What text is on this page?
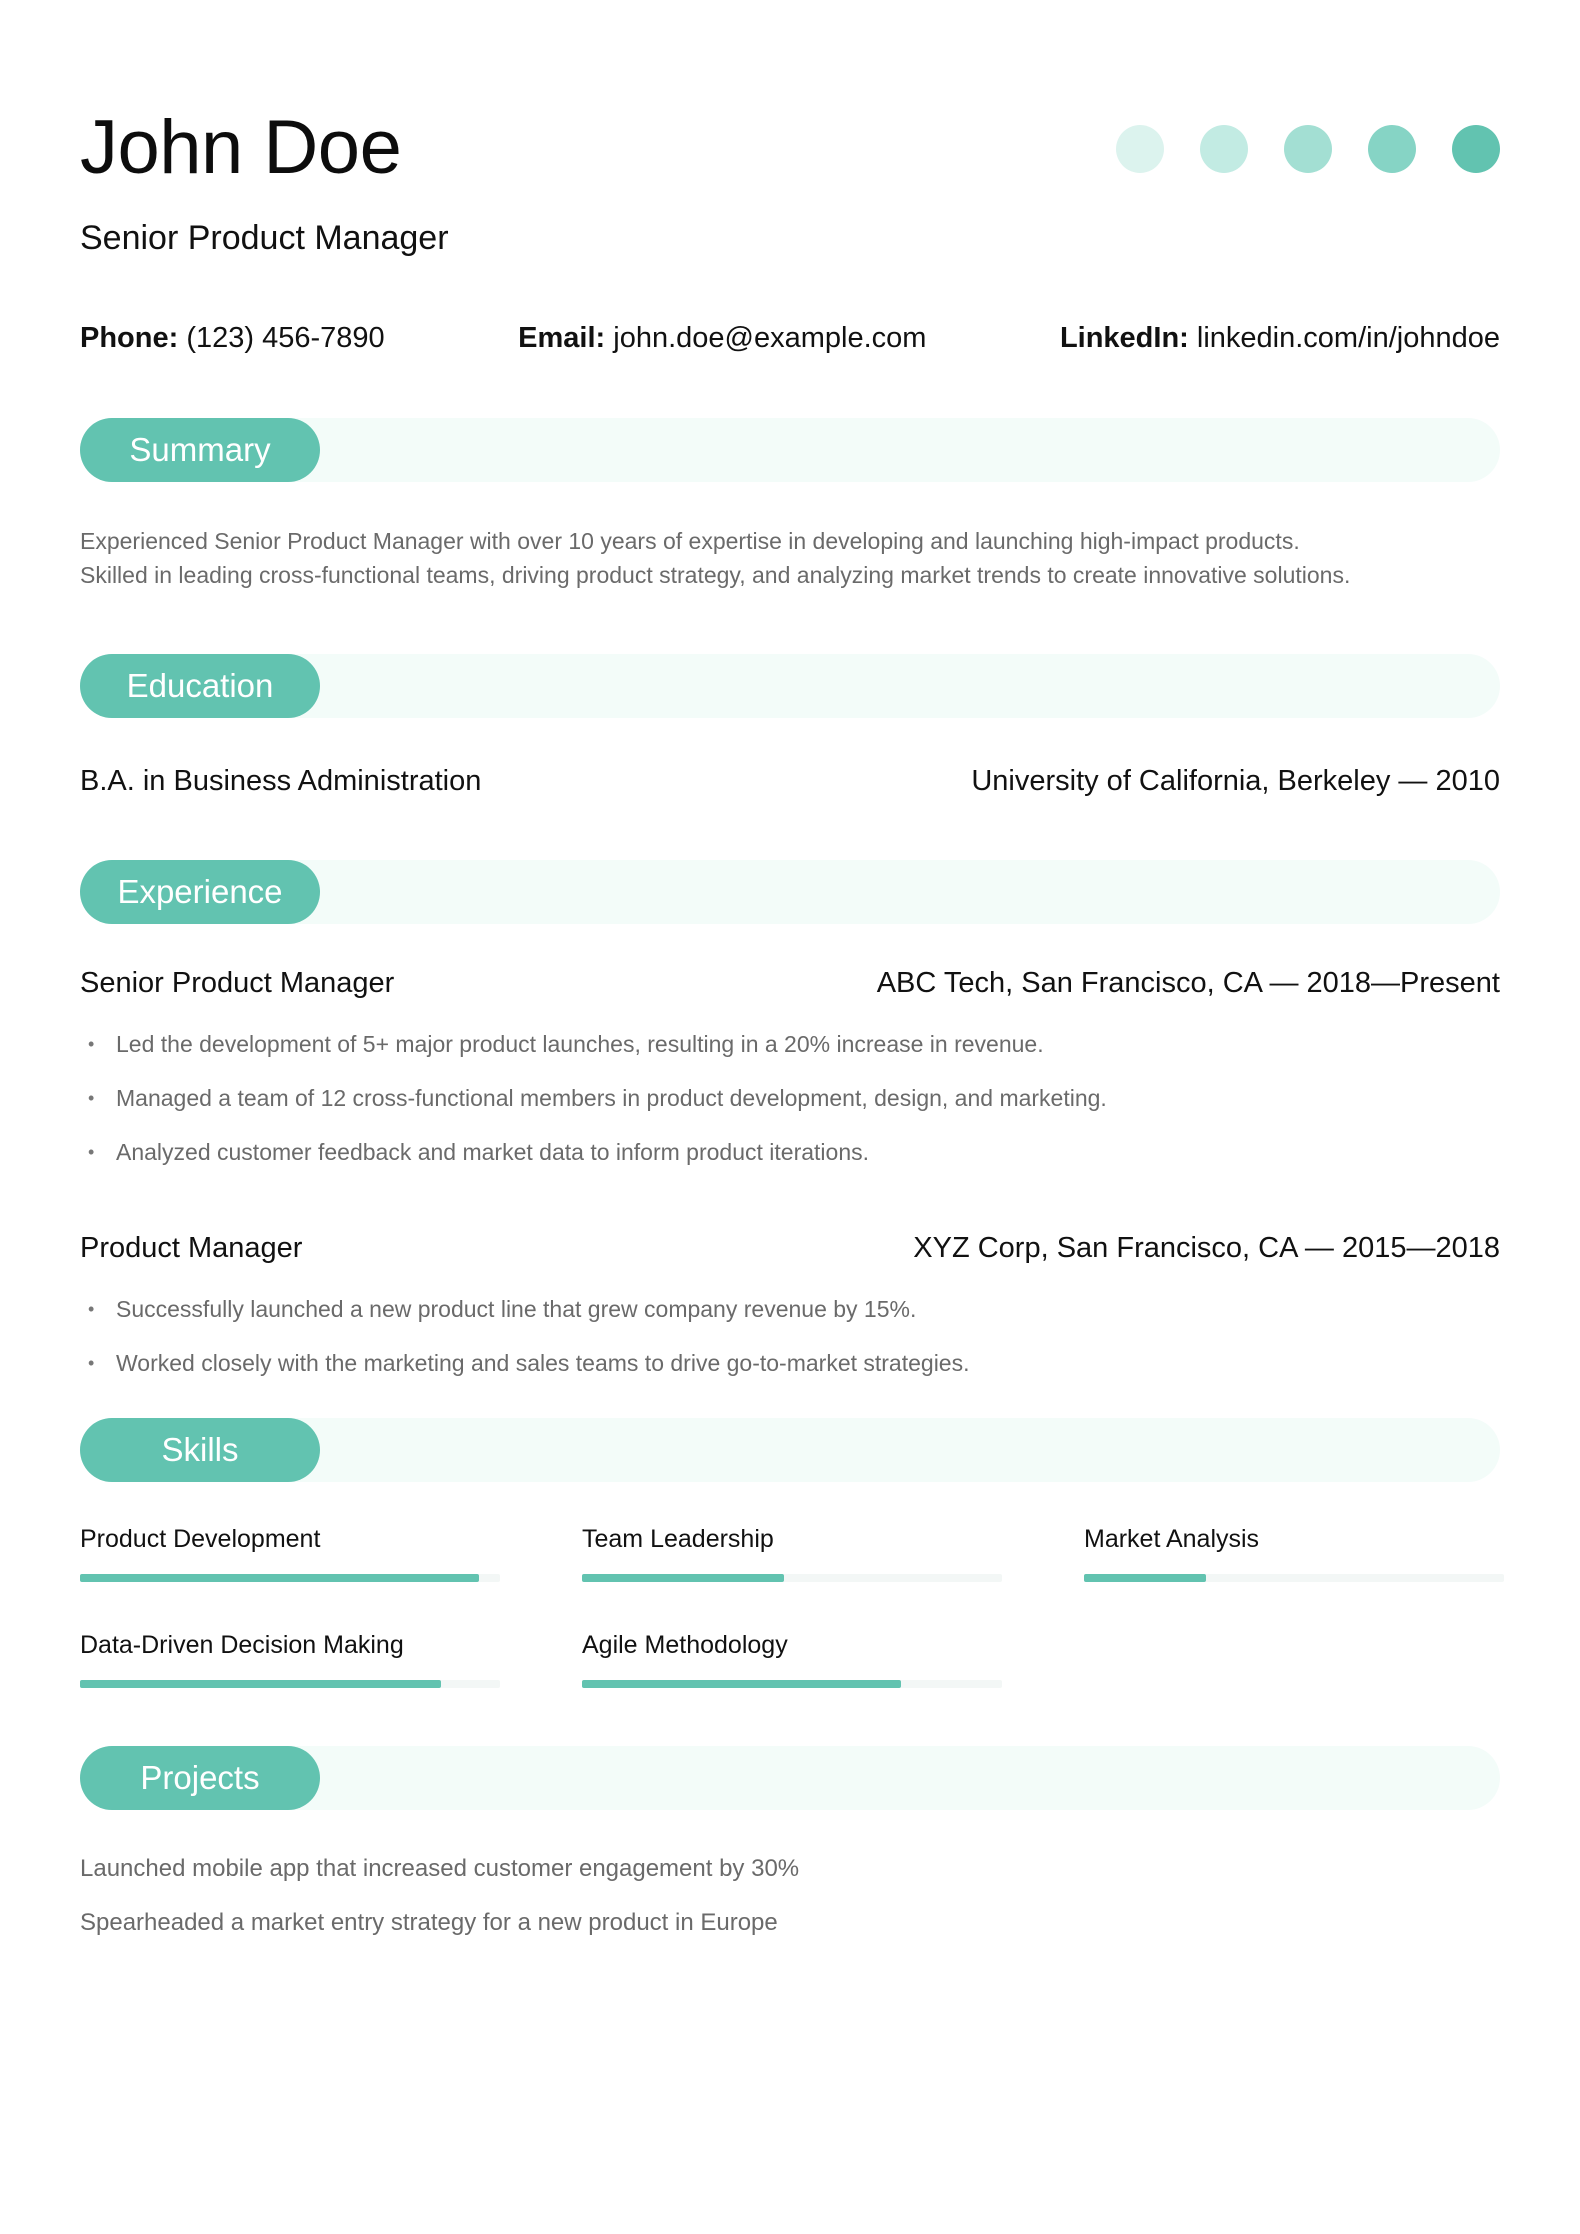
John Doe
Senior Product Manager
Phone: (123) 456-7890	Email: john.doe@example.com	LinkedIn: linkedin.com/in/johndoe
Summary

Experienced Senior Product Manager with over 10 years of expertise in developing and launching high-impact products.

Skilled in leading cross-functional teams, driving product strategy, and analyzing market trends to create innovative solutions.

Education
B.A. in Business Administration	University of California, Berkeley — 2010
Experience
Senior Product Manager	ABC Tech, San Francisco, CA — 2018—Present
• Led the development of 5+ major product launches, resulting in a 20% increase in revenue.
• Managed a team of 12 cross-functional members in product development, design, and marketing.
• Analyzed customer feedback and market data to inform product iterations.
Product Manager	XYZ Corp, San Francisco, CA — 2015—2018
• Successfully launched a new product line that grew company revenue by 15%.
• Worked closely with the marketing and sales teams to drive go-to-market strategies.
Skills
Product Development	Team Leadership	Market Analysis
Data-Driven Decision Making	Agile Methodology
Projects

Launched mobile app that increased customer engagement by 30%

Spearheaded a market entry strategy for a new product in Europe
